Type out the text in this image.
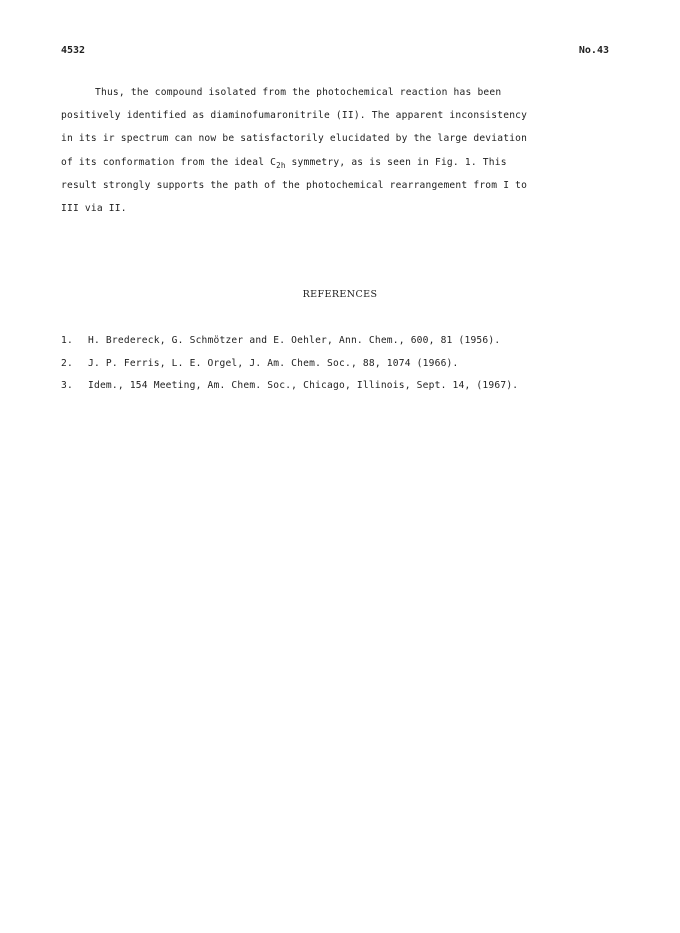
4532	No.43
Thus, the compound isolated from the photochemical reaction has been
positively identified as diaminofumaronitrile (II). The apparent inconsistency
in its ir spectrum can now be satisfactorily elucidated by the large deviation
of its conformation from the ideal $C_{2h}$ symmetry, as is seen in Fig. 1. This
result strongly supports the path of the photochemical rearrangement from I to
III via II.
REFERENCES
1. H. Bredereck, G. Schmötzer and E. Oehler, Ann. Chem., 600, 81 (1956).
2. J. P. Ferris, L. E. Orgel, J. Am. Chem. Soc., 88, 1074 (1966).
3. Idem., 154 Meeting, Am. Chem. Soc., Chicago, Illinois, Sept. 14, (1967).
